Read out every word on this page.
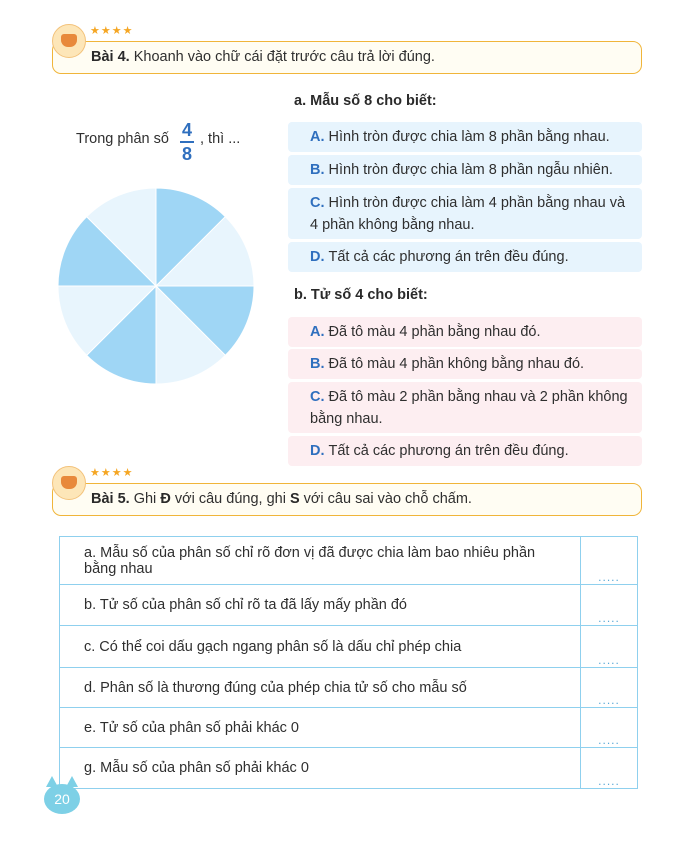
★★★★
Bài 4. Khoanh vào chữ cái đặt trước câu trả lời đúng.
Trong phân số 4
8
, thì ...
a. Mẫu số 8 cho biết:
A. Hình tròn được chia làm 8 phần bằng nhau.
B. Hình tròn được chia làm 8 phần ngẫu nhiên.
C. Hình tròn được chia làm 4 phần bằng nhau và 4 phần không bằng nhau.
D. Tất cả các phương án trên đều đúng.
b. Tử số 4 cho biết:
A. Đã tô màu 4 phần bằng nhau đó.
B. Đã tô màu 4 phần không bằng nhau đó.
C. Đã tô màu 2 phần bằng nhau và 2 phần không bằng nhau.
D. Tất cả các phương án trên đều đúng.
★★★★
Bài 5. Ghi Đ với câu đúng, ghi S với câu sai vào chỗ chấm.
a. Mẫu số của phân số chỉ rõ đơn vị đã được chia làm bao nhiêu phần bằng nhau	.....
b. Tử số của phân số chỉ rõ ta đã lấy mấy phần đó	.....
c. Có thể coi dấu gạch ngang phân số là dấu chỉ phép chia	.....
d. Phân số là thương đúng của phép chia tử số cho mẫu số	.....
e. Tử số của phân số phải khác 0	.....
g. Mẫu số của phân số phải khác 0	.....
20
